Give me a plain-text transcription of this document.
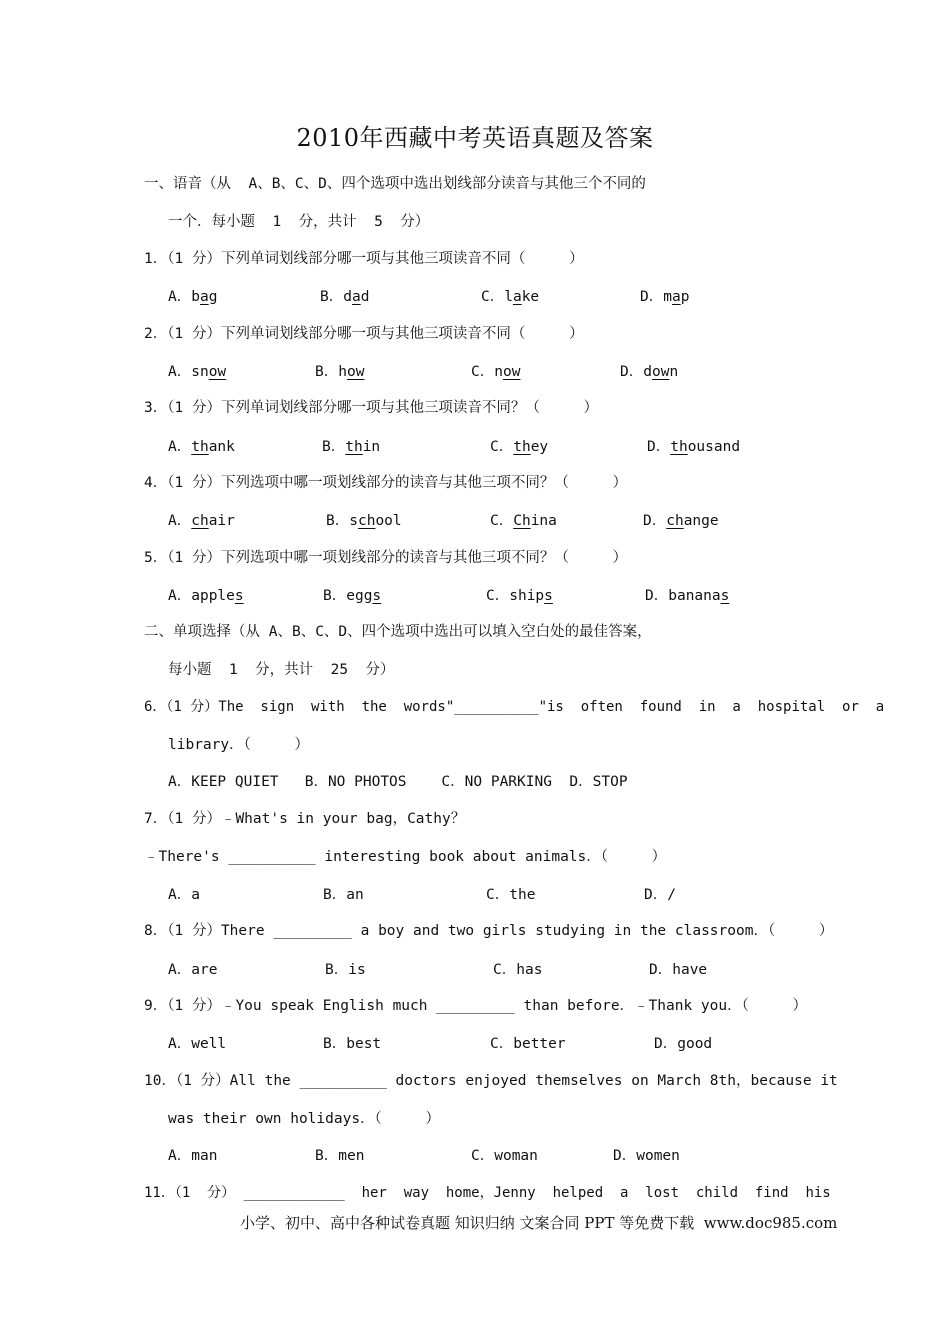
2010年西藏中考英语真题及答案
一、语音（从  A、B、C、D、四个选项中选出划线部分读音与其他三个不同的
一个．每小题  1  分，共计  5  分）
1．（1 分）下列单词划线部分哪一项与其他三项读音不同（     ）
A．bag	B．dad	C．lake	D．map
2．（1 分）下列单词划线部分哪一项与其他三项读音不同（     ）
A．snow	B．how	C．now	D．down
3．（1 分）下列单词划线部分哪一项与其他三项读音不同？（     ）
A．thank	B．thin	C．they	D．thousand
4．（1 分）下列选项中哪一项划线部分的读音与其他三项不同？（     ）
A．chair	B．school	C．China	D．change
5．（1 分）下列选项中哪一项划线部分的读音与其他三项不同？（     ）
A．apples	B．eggs	C．ships	D．bananas
二、单项选择（从 A、B、C、D、四个选项中选出可以填入空白处的最佳答案，
每小题  1  分，共计  25  分）
6．（1 分）The  sign  with  the  words"__________"is  often  found  in  a  hospital  or  a
library．（     ）
A．KEEP QUIET   B．NO PHOTOS    C．NO PARKING  D．STOP
7．（1 分）﹣What's in your bag，Cathy？
﹣There's __________ interesting book about animals．（     ）
A．a	B．an	C．the	D．/
8．（1 分）There _________ a boy and two girls studying in the classroom．（     ）
A．are	B．is	C．has	D．have
9．（1 分）﹣You speak English much _________ than before．﹣Thank you．（     ）
A．well	B．best	C．better	D．good
10．（1 分）All the __________ doctors enjoyed themselves on March 8th，because it
was their own holidays．（     ）
A．man	B．men	C．woman	D．women
11．（1  分） ____________  her  way  home，Jenny  helped  a  lost  child  find  his
小学、初中、高中各种试卷真题 知识归纳 文案合同 PPT 等免费下载  www.doc985.com
